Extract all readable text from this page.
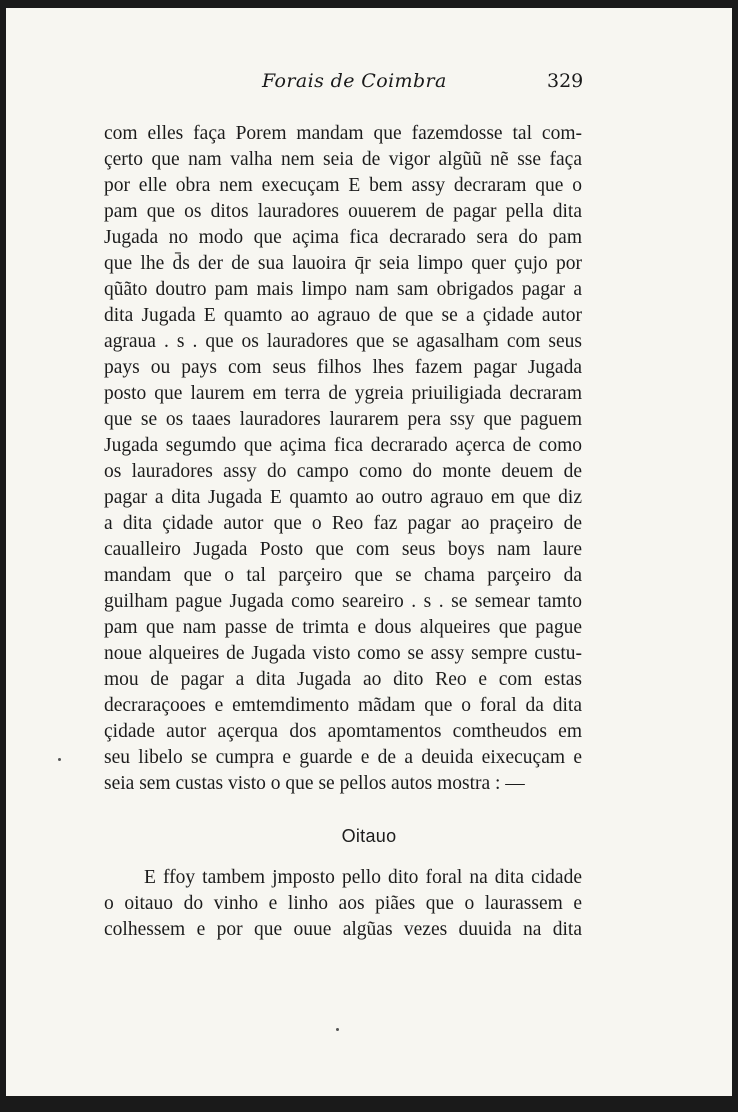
Forais de Coimbra	329
com elles faça Porem mandam que fazemdosse tal com-
çerto que nam valha nem seia de vigor algũũ nẽ sse faça
por elle obra nem execuçam E bem assy decraram que o
pam que os ditos lauradores ouuerem de pagar pella dita
Jugada no modo que açima fica decrarado sera do pam
que lhe d̄s der de sua lauoira q̄r seia limpo quer çujo por
qũãto doutro pam mais limpo nam sam obrigados pagar a
dita Jugada E quamto ao agrauo de que se a çidade autor
agraua . s . que os lauradores que se agasalham com seus
pays ou pays com seus filhos lhes fazem pagar Jugada
posto que laurem em terra de ygreia priuiligiada decraram
que se os taaes lauradores laurarem pera ssy que paguem
Jugada segumdo que açima fica decrarado açerca de como
os lauradores assy do campo como do monte deuem de
pagar a dita Jugada E quamto ao outro agrauo em que diz
a dita çidade autor que o Reo faz pagar ao praçeiro de
caualleiro Jugada Posto que com seus boys nam laure
mandam que o tal parçeiro que se chama parçeiro da
guilham pague Jugada como seareiro . s . se semear tamto
pam que nam passe de trimta e dous alqueires que pague
noue alqueires de Jugada visto como se assy sempre custu-
mou de pagar a dita Jugada ao dito Reo e com estas
decraraçooes e emtemdimento mãdam que o foral da dita
çidade autor açerqua dos apomtamentos comtheudos em
seu libelo se cumpra e guarde e de a deuida eixecuçam e
seia sem custas visto o que se pellos autos mostra : —
Oitauo
E ffoy tambem jmposto pello dito foral na dita cidade
o oitauo do vinho e linho aos piães que o laurassem e
colhessem e por que ouue algũas vezes duuida na dita
